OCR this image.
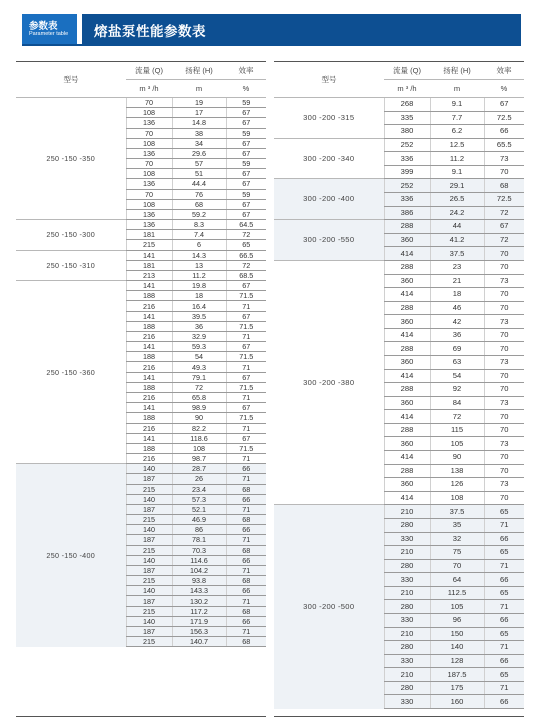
参数表
Parameter table 熔盐泵性能参数表
型号	流量 (Q)	扬程 (H)	效率
	m ³ /h	m	%
250 -150 -350	70	19	59
	108	17	67
	136	14.8	67
	70	38	59
	108	34	67
	136	29.6	67
	70	57	59
	108	51	67
	136	44.4	67
	70	76	59
	108	68	67
	136	59.2	67
250 -150 -300	136	8.3	64.5
	181	7.4	72
	215	6	65
250 -150 -310	141	14.3	66.5
	181	13	72
	213	11.2	68.5
250 -150 -360	141	19.8	67
	188	18	71.5
	216	16.4	71
	141	39.5	67
	188	36	71.5
	216	32.9	71
	141	59.3	67
	188	54	71.5
	216	49.3	71
	141	79.1	67
	188	72	71.5
	216	65.8	71
	141	98.9	67
	188	90	71.5
	216	82.2	71
	141	118.6	67
	188	108	71.5
	216	98.7	71
250 -150 -400	140	28.7	66
	187	26	71
	215	23.4	68
	140	57.3	66
	187	52.1	71
	215	46.9	68
	140	86	66
	187	78.1	71
	215	70.3	68
	140	114.6	66
	187	104.2	71
	215	93.8	68
	140	143.3	66
	187	130.2	71
	215	117.2	68
	140	171.9	66
	187	156.3	71
	215	140.7	68
型号	流量 (Q)	扬程 (H)	效率
	m ³ /h	m	%
300 -200 -315	268	9.1	67
	335	7.7	72.5
	380	6.2	66
300 -200 -340	252	12.5	65.5
	336	11.2	73
	399	9.1	70
300 -200 -400	252	29.1	68
	336	26.5	72.5
	386	24.2	72
300 -200 -550	288	44	67
	360	41.2	72
	414	37.5	70
300 -200 -380	288	23	70
	360	21	73
	414	18	70
	288	46	70
	360	42	73
	414	36	70
	288	69	70
	360	63	73
	414	54	70
	288	92	70
	360	84	73
	414	72	70
	288	115	70
	360	105	73
	414	90	70
	288	138	70
	360	126	73
	414	108	70
300 -200 -500	210	37.5	65
	280	35	71
	330	32	66
	210	75	65
	280	70	71
	330	64	66
	210	112.5	65
	280	105	71
	330	96	66
	210	150	65
	280	140	71
	330	128	66
	210	187.5	65
	280	175	71
	330	160	66
